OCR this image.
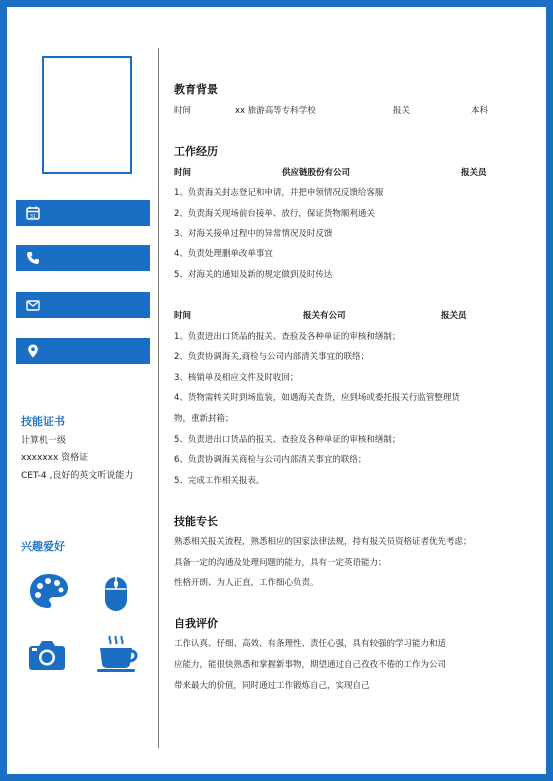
31
技能证书
计算机一级
xxxxxxx 资格证
CET-4 ,良好的英文听说能力
兴趣爱好
教育背景
时间	xx 旅游高等专科学校	报关	本科
工作经历
时间	供应链股份有公司	报关员
1、负责海关封志登记和申请，并把申领情况反馈给客服
2、负责海关现场前台接单、放行，保证货物顺利通关
3、对海关接单过程中的异常情况及时反馈
4、负责处理删单改单事宜
5、对海关的通知及新的规定做到及时传达
时间	报关有公司	报关员
1、负责进出口货品的报关、查验及各种单证的审核和缮制；
2、负责协调海关,商检与公司内部清关事宜的联络；
3、核销单及相应文件及时收回；
4、货物需转关时到场监装，如遇海关查货，应到场或委托报关行监管整理货
物，重新封箱；
5、负责进出口货品的报关、查验及各种单证的审核和缮制；
6、负责协调海关商检与公司内部清关事宜的联络；
5、完成工作相关报表。
技能专长
熟悉相关报关流程，熟悉相应的国家法律法规，持有报关员资格证者优先考虑；
具备一定的沟通及处理问题的能力，具有一定英语能力；
性格开朗、为人正直，工作细心负责。
自我评价
工作认真、仔细、高效、有条理性、责任心强，具有较强的学习能力和适
应能力，能很快熟悉和掌握新事物，期望通过自己孜孜不倦的工作为公司
带来最大的价值，同时通过工作锻炼自己，实现自己
